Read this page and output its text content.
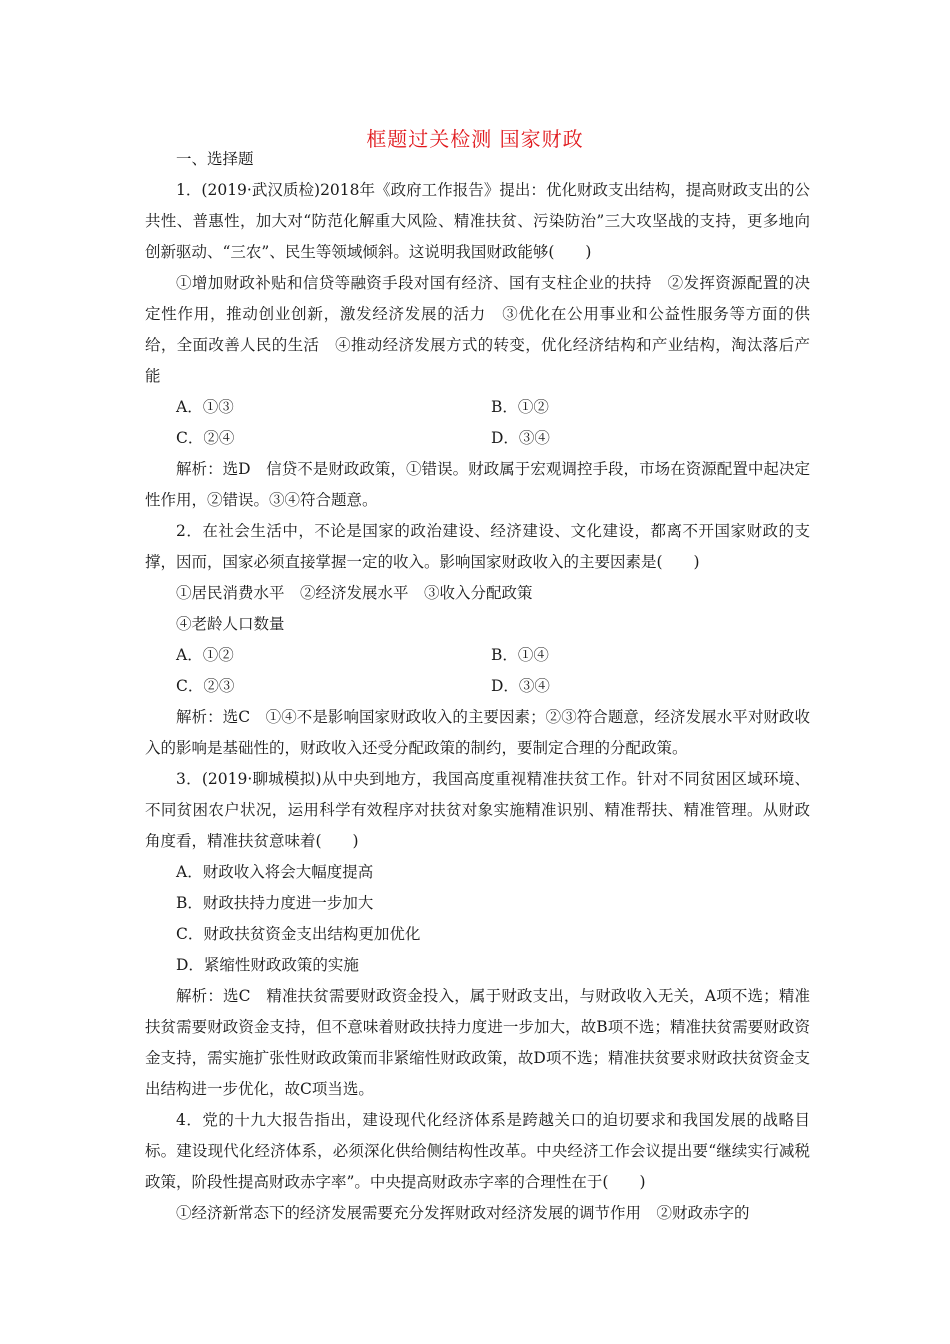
框题过关检测 国家财政

一、选择题

1．(2019·武汉质检)2018年《政府工作报告》提出：优化财政支出结构，提高财政支出的公共性、普惠性，加大对“防范化解重大风险、精准扶贫、污染防治”三大攻坚战的支持，更多地向创新驱动、“三农”、民生等领域倾斜。这说明我国财政能够(　　)

①增加财政补贴和信贷等融资手段对国有经济、国有支柱企业的扶持　②发挥资源配置的决定性作用，推动创业创新，激发经济发展的活力　③优化在公用事业和公益性服务等方面的供给，全面改善人民的生活　④推动经济发展方式的转变，优化经济结构和产业结构，淘汰落后产能

A．①③	B．①②
C．②④	D．③④

解析：选D　信贷不是财政政策，①错误。财政属于宏观调控手段，市场在资源配置中起决定性作用，②错误。③④符合题意。

2．在社会生活中，不论是国家的政治建设、经济建设、文化建设，都离不开国家财政的支撑，因而，国家必须直接掌握一定的收入。影响国家财政收入的主要因素是(　　)

①居民消费水平　②经济发展水平　③收入分配政策

④老龄人口数量

A．①②	B．①④
C．②③	D．③④

解析：选C　①④不是影响国家财政收入的主要因素；②③符合题意，经济发展水平对财政收入的影响是基础性的，财政收入还受分配政策的制约，要制定合理的分配政策。

3．(2019·聊城模拟)从中央到地方，我国高度重视精准扶贫工作。针对不同贫困区域环境、不同贫困农户状况，运用科学有效程序对扶贫对象实施精准识别、精准帮扶、精准管理。从财政角度看，精准扶贫意味着(　　)

A．财政收入将会大幅度提高

B．财政扶持力度进一步加大

C．财政扶贫资金支出结构更加优化

D．紧缩性财政政策的实施

解析：选C　精准扶贫需要财政资金投入，属于财政支出，与财政收入无关，A项不选；精准扶贫需要财政资金支持，但不意味着财政扶持力度进一步加大，故B项不选；精准扶贫需要财政资金支持，需实施扩张性财政政策而非紧缩性财政政策，故D项不选；精准扶贫要求财政扶贫资金支出结构进一步优化，故C项当选。

4．党的十九大报告指出，建设现代化经济体系是跨越关口的迫切要求和我国发展的战略目标。建设现代化经济体系，必须深化供给侧结构性改革。中央经济工作会议提出要“继续实行减税政策，阶段性提高财政赤字率”。中央提高财政赤字率的合理性在于(　　)

①经济新常态下的经济发展需要充分发挥财政对经济发展的调节作用　②财政赤字的
